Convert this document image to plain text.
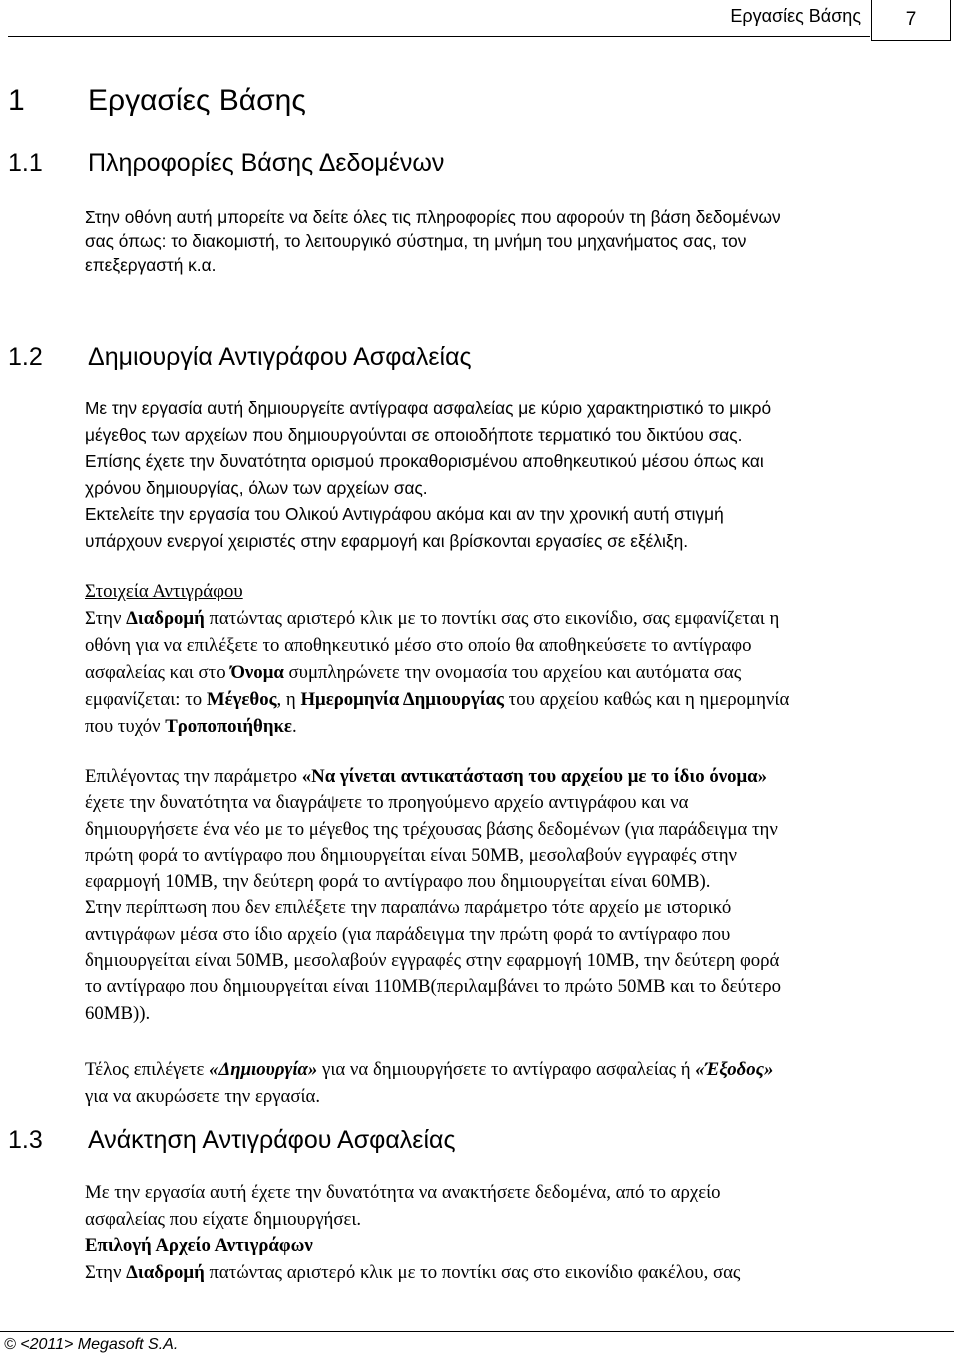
Εργασίες Βάσης 7
1 Εργασίες Βάσης
1.1 Πληροφορίες Βάσης Δεδομένων

Στην οθόνη αυτή μπορείτε να δείτε όλες τις πληροφορίες που αφορούν τη βάση δεδομένων
σας όπως: το διακομιστή, το λειτουργικό σύστημα, τη μνήμη του μηχανήματος σας, τον
επεξεργαστή κ.α.

1.2 Δημιουργία Αντιγράφου Ασφαλείας

Με την εργασία αυτή δημιουργείτε αντίγραφα ασφαλείας με κύριο χαρακτηριστικό το μικρό
μέγεθος των αρχείων που δημιουργούνται σε οποιοδήποτε τερματικό του δικτύου σας.
Επίσης έχετε την δυνατότητα ορισμού προκαθορισμένου αποθηκευτικού μέσου όπως και
χρόνου δημιουργίας, όλων των αρχείων σας.
Εκτελείτε την εργασία του Ολικού Αντιγράφου ακόμα και αν την χρονική αυτή στιγμή
υπάρχουν ενεργοί χειριστές στην εφαρμογή και βρίσκονται εργασίες σε εξέλιξη.

Στοιχεία Αντιγράφου
Στην Διαδρομή πατώντας αριστερό κλικ με το ποντίκι σας στο εικονίδιο, σας εμφανίζεται η
οθόνη για να επιλέξετε το αποθηκευτικό μέσο στο οποίο θα αποθηκεύσετε το αντίγραφο
ασφαλείας και στο Όνομα συμπληρώνετε την ονομασία του αρχείου και αυτόματα σας
εμφανίζεται: το Μέγεθος, η Ημερομηνία Δημιουργίας του αρχείου καθώς και η ημερομηνία
που τυχόν Τροποποιήθηκε.

Επιλέγοντας την παράμετρο «Να γίνεται αντικατάσταση του αρχείου με το ίδιο όνομα»
έχετε την δυνατότητα να διαγράψετε το προηγούμενο αρχείο αντιγράφου και να
δημιουργήσετε ένα νέο με το μέγεθος της τρέχουσας βάσης δεδομένων (για παράδειγμα την
πρώτη φορά το αντίγραφο που δημιουργείται είναι 50MB, μεσολαβούν εγγραφές στην
εφαρμογή 10MB, την δεύτερη φορά το αντίγραφο που δημιουργείται είναι 60MB).
Στην περίπτωση που δεν επιλέξετε την παραπάνω παράμετρο τότε αρχείο με ιστορικό
αντιγράφων μέσα στο ίδιο αρχείο (για παράδειγμα την πρώτη φορά το αντίγραφο που
δημιουργείται είναι 50MB, μεσολαβούν εγγραφές στην εφαρμογή 10MB, την δεύτερη φορά
το αντίγραφο που δημιουργείται είναι 110MB(περιλαμβάνει το πρώτο 50MB και το δεύτερο
60MB)).

Τέλος επιλέγετε «Δημιουργία» για να δημιουργήσετε το αντίγραφο ασφαλείας ή «Έξοδος»
για να ακυρώσετε την εργασία.

1.3 Ανάκτηση Αντιγράφου Ασφαλείας

Με την εργασία αυτή έχετε την δυνατότητα να ανακτήσετε δεδομένα, από το αρχείο
ασφαλείας που είχατε δημιουργήσει.
Επιλογή Αρχείο Αντιγράφων
Στην Διαδρομή πατώντας αριστερό κλικ με το ποντίκι σας στο εικονίδιο φακέλου, σας

© <2011> Megasoft S.A.
